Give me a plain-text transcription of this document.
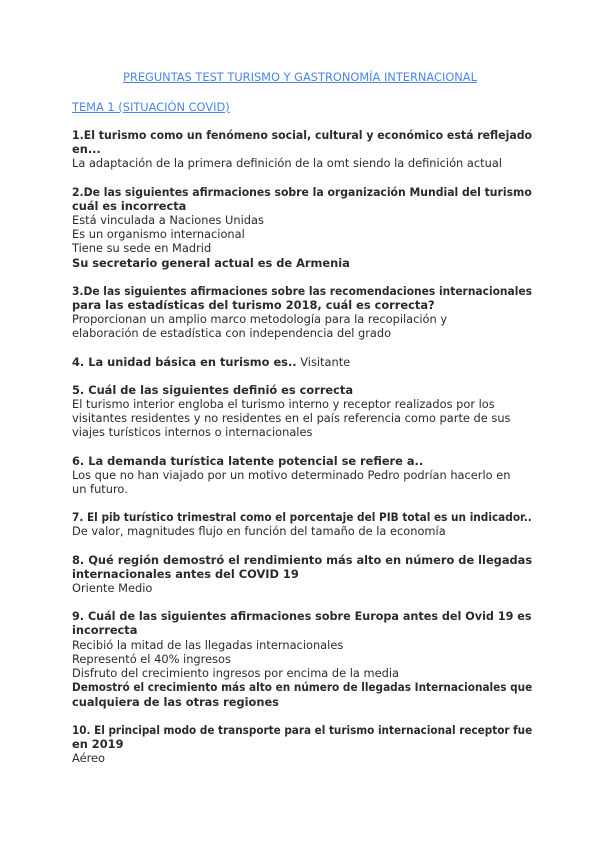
PREGUNTAS TEST TURISMO Y GASTRONOMÍA INTERNACIONAL
TEMA 1 (SITUACIÓN COVID)
1.El turismo como un fenómeno social, cultural y económico está reflejado
en...
La adaptación de la primera definición de la omt siendo la definición actual
2.De las siguientes afirmaciones sobre la organización Mundial del turismo
cuál es incorrecta
Está vinculada a Naciones Unidas
Es un organismo internacional
Tiene su sede en Madrid
Su secretario general actual es de Armenia
3.De las siguientes afirmaciones sobre las recomendaciones internacionales
para las estadísticas del turismo 2018, cuál es correcta?
Proporcionan un amplio marco metodología para la recopilación y
elaboración de estadística con independencia del grado
4. La unidad básica en turismo es.. Visitante
5. Cuál de las siguientes definió es correcta
El turismo interior engloba el turismo interno y receptor realizados por los
visitantes residentes y no residentes en el país referencia como parte de sus
viajes turísticos internos o internacionales
6. La demanda turística latente potencial se refiere a..
Los que no han viajado por un motivo determinado Pedro podrían hacerlo en
un futuro.
7. El pib turístico trimestral como el porcentaje del PIB total es un indicador..
De valor, magnitudes flujo en función del tamaño de la economía
8. Qué región demostró el rendimiento más alto en número de llegadas
internacionales antes del COVID 19
Oriente Medio
9. Cuál de las siguientes afirmaciones sobre Europa antes del Ovid 19 es
incorrecta
Recibió la mitad de las llegadas internacionales
Representó el 40% ingresos
Disfruto del crecimiento ingresos por encima de la media
Demostró el crecimiento más alto en número de llegadas Internacionales que
cualquiera de las otras regiones
10. El principal modo de transporte para el turismo internacional receptor fue
en 2019
Aéreo
